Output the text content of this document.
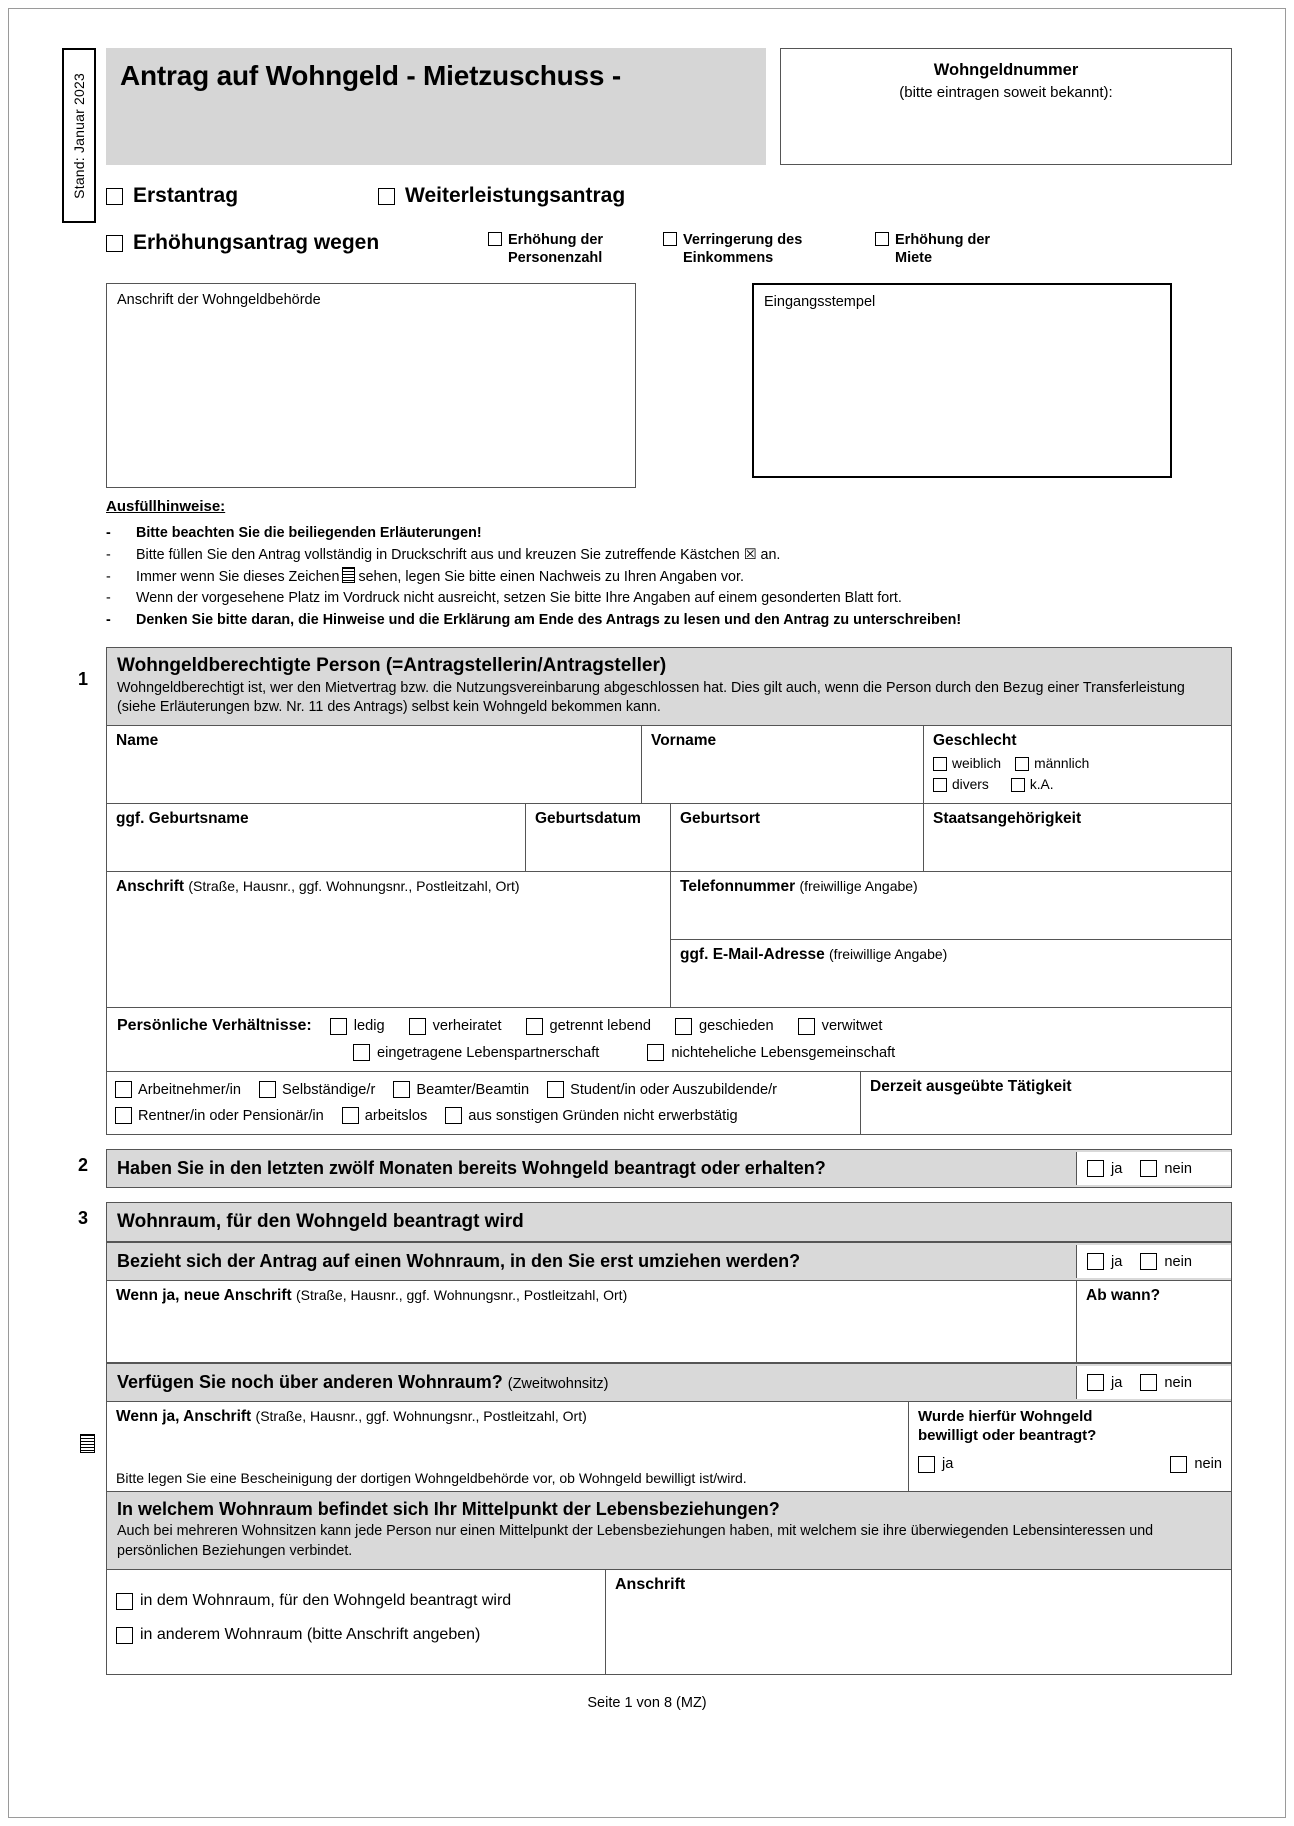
Stand: Januar 2023	Antrag auf Wohngeld - Mietzuschuss -	Wohngeldnummer
(bitte eintragen soweit bekannt):
Erstantrag	Weiterleistungsantrag
Erhöhungsantrag wegen	Erhöhung der
Personenzahl
Verringerung des
Einkommens
Erhöhung der
Miete
Anschrift der Wohngeldbehörde	Eingangsstempel
Ausfüllhinweise:
-	Bitte beachten Sie die beiliegenden Erläuterungen!
-	Bitte füllen Sie den Antrag vollständig in Druckschrift aus und kreuzen Sie zutreffende Kästchen ☒ an.
-	Immer wenn Sie dieses Zeichen sehen, legen Sie bitte einen Nachweis zu Ihren Angaben vor.
-	Wenn der vorgesehene Platz im Vordruck nicht ausreicht, setzen Sie bitte Ihre Angaben auf einem gesonderten Blatt fort.
-	Denken Sie bitte daran, die Hinweise und die Erklärung am Ende des Antrags zu lesen und den Antrag zu unterschreiben!
1
Wohngeldberechtigte Person (=Antragstellerin/Antragsteller)

Wohngeldberechtigt ist, wer den Mietvertrag bzw. die Nutzungsvereinbarung abgeschlossen hat. Dies gilt auch, wenn die Person durch den Bezug einer Transferleistung (siehe Erläuterungen bzw. Nr. 11 des Antrags) selbst kein Wohngeld bekommen kann.

Name	Vorname	Geschlecht
weiblich männlich
divers	k.A.
ggf. Geburtsname	Geburtsdatum	Geburtsort	Staatsangehörigkeit
Anschrift (Straße, Hausnr., ggf. Wohnungsnr., Postleitzahl, Ort)	Telefonnummer (freiwillige Angabe)
ggf. E-Mail-Adresse (freiwillige Angabe)
Persönliche Verhältnisse:	ledig	verheiratet	getrennt lebend	geschieden	verwitwet
eingetragene Lebenspartnerschaft	nichteheliche Lebensgemeinschaft
Arbeitnehmer/in	Selbständige/r	Beamter/Beamtin	Student/in oder Auszubildende/r
Rentner/in oder Pensionär/in	arbeitslos	aus sonstigen Gründen nicht erwerbstätig
Derzeit ausgeübte Tätigkeit
2	Haben Sie in den letzten zwölf Monaten bereits Wohngeld beantragt oder erhalten?	ja	nein
3 Wohnraum, für den Wohngeld beantragt wird
Bezieht sich der Antrag auf einen Wohnraum, in den Sie erst umziehen werden?	ja	nein
Wenn ja, neue Anschrift (Straße, Hausnr., ggf. Wohnungsnr., Postleitzahl, Ort)	Ab wann?
Verfügen Sie noch über anderen Wohnraum? (Zweitwohnsitz)	ja	nein
Wenn ja, Anschrift (Straße, Hausnr., ggf. Wohnungsnr., Postleitzahl, Ort)
Bitte legen Sie eine Bescheinigung der dortigen Wohngeldbehörde vor, ob Wohngeld bewilligt ist/wird.
Wurde hierfür Wohngeld
bewilligt oder beantragt?
ja	nein
In welchem Wohnraum befindet sich Ihr Mittelpunkt der Lebensbeziehungen?

Auch bei mehreren Wohnsitzen kann jede Person nur einen Mittelpunkt der Lebensbeziehungen haben, mit welchem sie ihre überwiegenden Lebensinteressen und persönlichen Beziehungen verbindet.

in dem Wohnraum, für den Wohngeld beantragt wird
in anderem Wohnraum (bitte Anschrift angeben)
Anschrift
Seite 1 von 8 (MZ)
